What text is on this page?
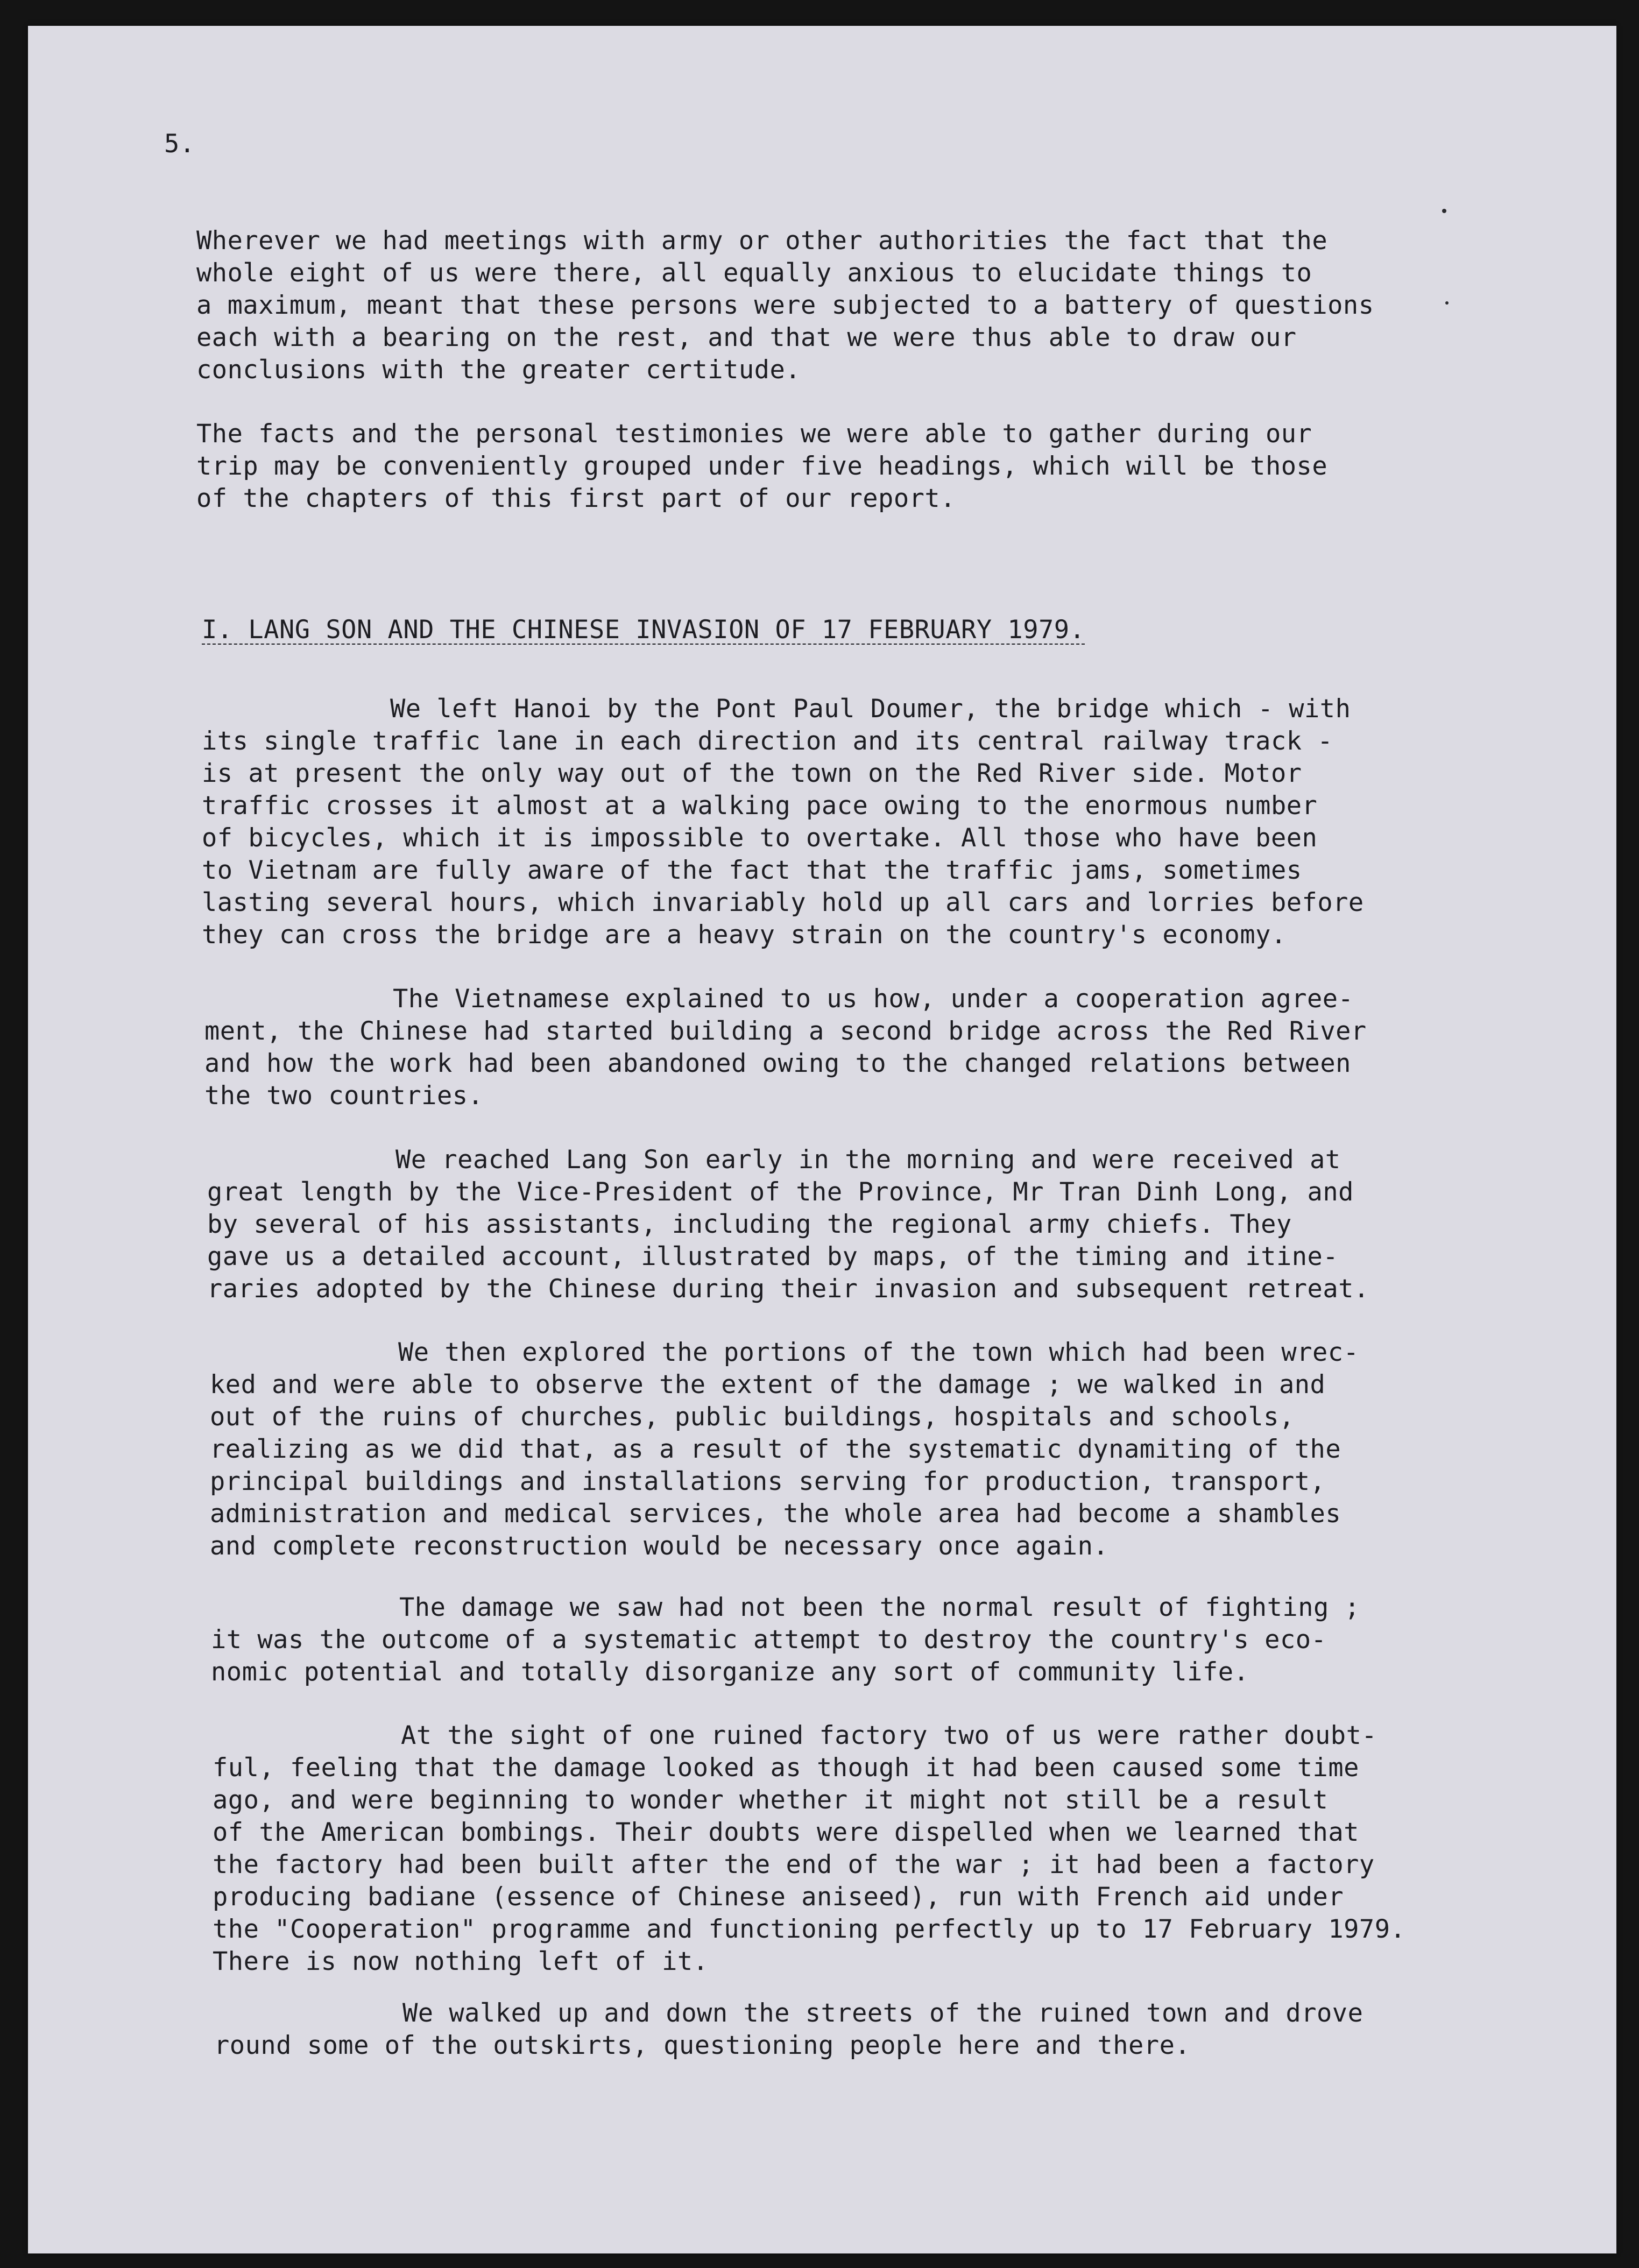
5.
Wherever we had meetings with army or other authorities the fact that the
whole eight of us were there, all equally anxious to elucidate things to
a maximum, meant that these persons were subjected to a battery of questions
each with a bearing on the rest, and that we were thus able to draw our
conclusions with the greater certitude.
The facts and the personal testimonies we were able to gather during our
trip may be conveniently grouped under five headings, which will be those
of the chapters of this first part of our report.
I. LANG SON AND THE CHINESE INVASION OF 17 FEBRUARY 1979.
We left Hanoi by the Pont Paul Doumer, the bridge which - with
its single traffic lane in each direction and its central railway track -
is at present the only way out of the town on the Red River side. Motor
traffic crosses it almost at a walking pace owing to the enormous number
of bicycles, which it is impossible to overtake. All those who have been
to Vietnam are fully aware of the fact that the traffic jams, sometimes
lasting several hours, which invariably hold up all cars and lorries before
they can cross the bridge are a heavy strain on the country's economy.
The Vietnamese explained to us how, under a cooperation agree-
ment, the Chinese had started building a second bridge across the Red River
and how the work had been abandoned owing to the changed relations between
the two countries.
We reached Lang Son early in the morning and were received at
great length by the Vice-President of the Province, Mr Tran Dinh Long, and
by several of his assistants, including the regional army chiefs. They
gave us a detailed account, illustrated by maps, of the timing and itine-
raries adopted by the Chinese during their invasion and subsequent retreat.
We then explored the portions of the town which had been wrec-
ked and were able to observe the extent of the damage ; we walked in and
out of the ruins of churches, public buildings, hospitals and schools,
realizing as we did that, as a result of the systematic dynamiting of the
principal buildings and installations serving for production, transport,
administration and medical services, the whole area had become a shambles
and complete reconstruction would be necessary once again.
The damage we saw had not been the normal result of fighting ;
it was the outcome of a systematic attempt to destroy the country's eco-
nomic potential and totally disorganize any sort of community life.
At the sight of one ruined factory two of us were rather doubt-
ful, feeling that the damage looked as though it had been caused some time
ago, and were beginning to wonder whether it might not still be a result
of the American bombings. Their doubts were dispelled when we learned that
the factory had been built after the end of the war ; it had been a factory
producing badiane (essence of Chinese aniseed), run with French aid under
the "Cooperation" programme and functioning perfectly up to 17 February 1979.
There is now nothing left of it.
We walked up and down the streets of the ruined town and drove
round some of the outskirts, questioning people here and there.
